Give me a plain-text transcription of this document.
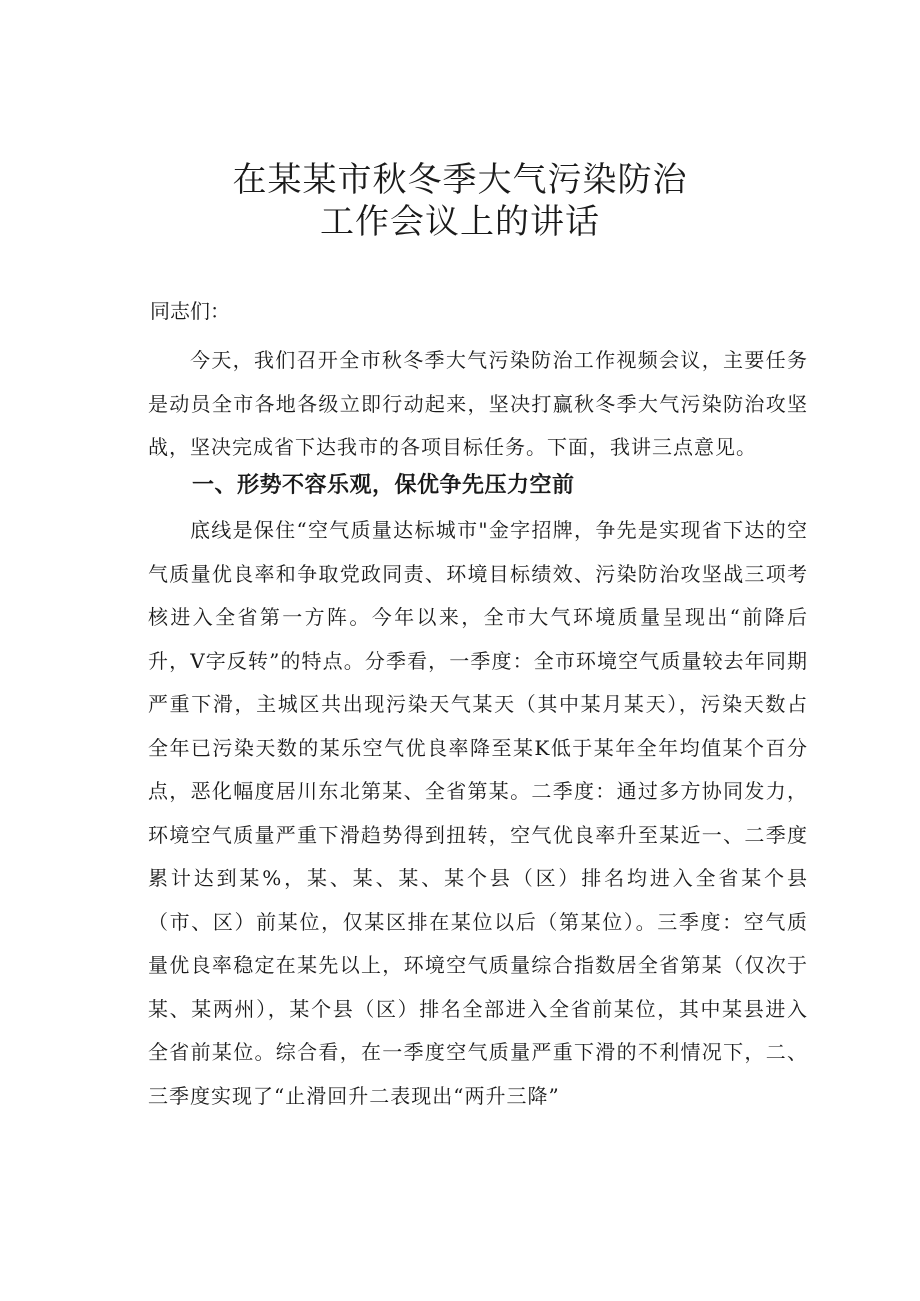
在某某市秋冬季大气污染防治
工作会议上的讲话
同志们：

今天，我们召开全市秋冬季大气污染防治工作视频会议，主要任务是动员全市各地各级立即行动起来，坚决打赢秋冬季大气污染防治攻坚战，坚决完成省下达我市的各项目标任务。下面，我讲三点意见。

一、形势不容乐观，保优争先压力空前

底线是保住“空气质量达标城市"金字招牌，争先是实现省下达的空气质量优良率和争取党政同责、环境目标绩效、污染防治攻坚战三项考核进入全省第一方阵。今年以来，全市大气环境质量呈现出“前降后升，V字反转”的特点。分季看，一季度：全市环境空气质量较去年同期严重下滑，主城区共出现污染天气某天（其中某月某天），污染天数占全年已污染天数的某乐空气优良率降至某K低于某年全年均值某个百分点，恶化幅度居川东北第某、全省第某。二季度：通过多方协同发力，环境空气质量严重下滑趋势得到扭转，空气优良率升至某近一、二季度累计达到某%，某、某、某、某个县（区）排名均进入全省某个县（市、区）前某位，仅某区排在某位以后（第某位）。三季度：空气质量优良率稳定在某先以上，环境空气质量综合指数居全省第某（仅次于某、某两州），某个县（区）排名全部进入全省前某位，其中某县进入全省前某位。综合看，在一季度空气质量严重下滑的不利情况下，二、三季度实现了“止滑回升二表现出“两升三降”
